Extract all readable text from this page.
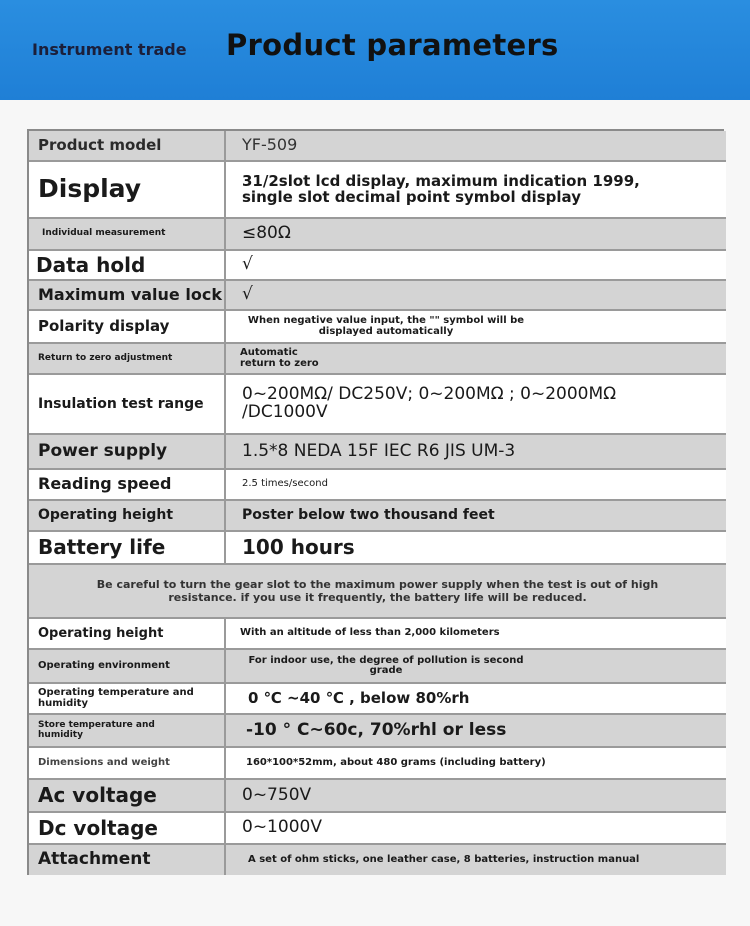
Instrument trade Product parameters
Product model	YF-509
Display	31/2slot lcd display, maximum indication 1999, single slot decimal point symbol display
Individual measurement	≤80Ω
Data hold	√
Maximum value lock	√
Polarity display	When negative value input, the "" symbol will be displayed automatically
Return to zero adjustment	Automatic return to zero
Insulation test range	0~200MΩ/ DC250V; 0~200MΩ ; 0~2000MΩ /DC1000V
Power supply	1.5*8 NEDA 15F IEC R6 JIS UM-3
Reading speed	2.5 times/second
Operating height	Poster below two thousand feet
Battery life	100 hours
Be careful to turn the gear slot to the maximum power supply when the test is out of high resistance. if you use it frequently, the battery life will be reduced.
Operating height	With an altitude of less than 2,000 kilometers
Operating environment	For indoor use, the degree of pollution is second grade
Operating temperature and humidity	0 ℃ ~40 ℃ , below 80%rh
Store temperature and humidity	-10 ° C~60c, 70%rhl or less
Dimensions and weight	160*100*52mm, about 480 grams (including battery)
Ac voltage	0~750V
Dc voltage	0~1000V
Attachment	A set of ohm sticks, one leather case, 8 batteries, instruction manual
